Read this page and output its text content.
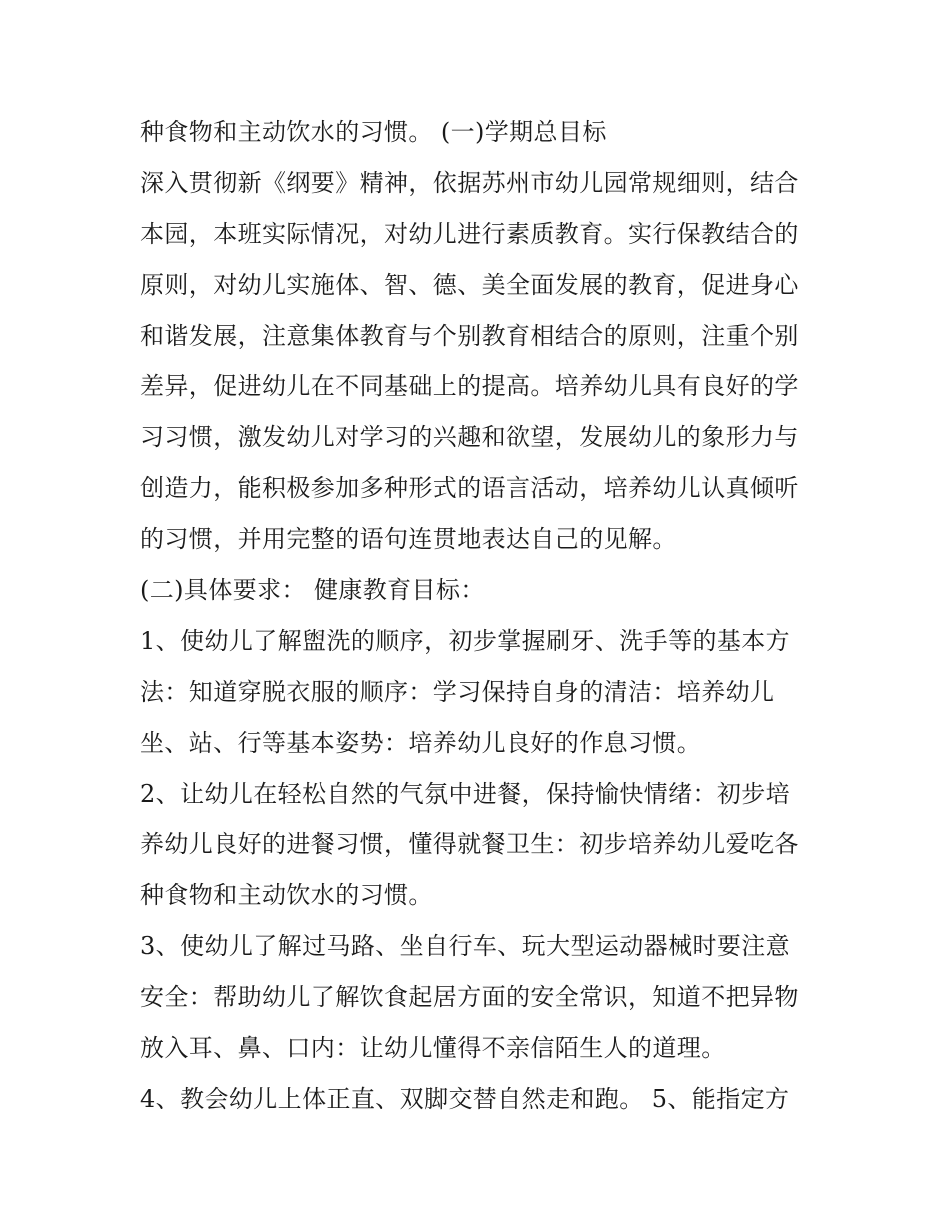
种食物和主动饮水的习惯。 (一)学期总目标
深入贯彻新《纲要》精神，依据苏州市幼儿园常规细则，结合
本园，本班实际情况，对幼儿进行素质教育。实行保教结合的
原则，对幼儿实施体、智、德、美全面发展的教育，促进身心
和谐发展，注意集体教育与个别教育相结合的原则，注重个别
差异，促进幼儿在不同基础上的提高。培养幼儿具有良好的学
习习惯，激发幼儿对学习的兴趣和欲望，发展幼儿的象形力与
创造力，能积极参加多种形式的语言活动，培养幼儿认真倾听
的习惯，并用完整的语句连贯地表达自己的见解。
(二)具体要求： 健康教育目标：
1、使幼儿了解盥洗的顺序，初步掌握刷牙、洗手等的基本方
法：知道穿脱衣服的顺序：学习保持自身的清洁：培养幼儿
坐、站、行等基本姿势：培养幼儿良好的作息习惯。
2、让幼儿在轻松自然的气氛中进餐，保持愉快情绪：初步培
养幼儿良好的进餐习惯，懂得就餐卫生：初步培养幼儿爱吃各
种食物和主动饮水的习惯。
3、使幼儿了解过马路、坐自行车、玩大型运动器械时要注意
安全：帮助幼儿了解饮食起居方面的安全常识，知道不把异物
放入耳、鼻、口内：让幼儿懂得不亲信陌生人的道理。
4、教会幼儿上体正直、双脚交替自然走和跑。 5、能指定方
